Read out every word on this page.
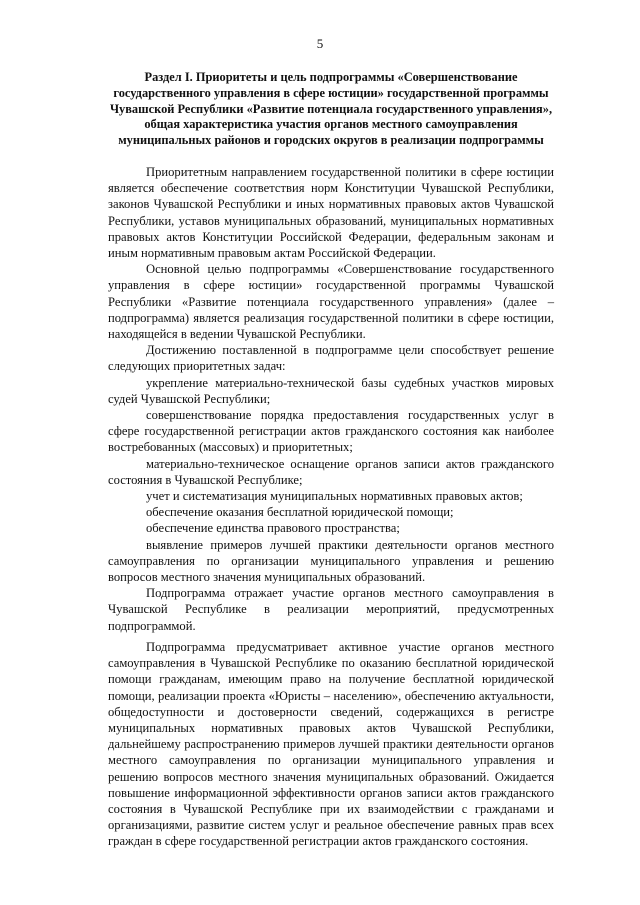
5
Раздел I. Приоритеты и цель подпрограммы «Совершенствование государственного управления в сфере юстиции» государственной программы Чувашской Республики «Развитие потенциала государственного управления», общая характеристика участия органов местного самоуправления муниципальных районов и городских округов в реализации подпрограммы

Приоритетным направлением государственной политики в сфере юстиции является обеспечение соответствия норм Конституции Чувашской Республики, законов Чувашской Республики и иных нормативных правовых актов Чувашской Республики, уставов муниципальных образований, муниципальных нормативных правовых актов Конституции Российской Федерации, федеральным законам и иным нормативным правовым актам Российской Федерации.

Основной целью подпрограммы «Совершенствование государственного управления в сфере юстиции» государственной программы Чувашской Республики «Развитие потенциала государственного управления» (далее – подпрограмма) является реализация государственной политики в сфере юстиции, находящейся в ведении Чувашской Республики.

Достижению поставленной в подпрограмме цели способствует решение следующих приоритетных задач:

укрепление материально-технической базы судебных участков мировых судей Чувашской Республики;

совершенствование порядка предоставления государственных услуг в сфере государственной регистрации актов гражданского состояния как наиболее востребованных (массовых) и приоритетных;

материально-техническое оснащение органов записи актов гражданского состояния в Чувашской Республике;

учет и систематизация муниципальных нормативных правовых актов;

обеспечение оказания бесплатной юридической помощи;

обеспечение единства правового пространства;

выявление примеров лучшей практики деятельности органов местного самоуправления по организации муниципального управления и решению вопросов местного значения муниципальных образований.

Подпрограмма отражает участие органов местного самоуправления в Чувашской Республике в реализации мероприятий, предусмотренных подпрограммой.

Подпрограмма предусматривает активное участие органов местного самоуправления в Чувашской Республике по оказанию бесплатной юридической помощи гражданам, имеющим право на получение бесплатной юридической помощи, реализации проекта «Юристы – населению», обеспечению актуальности, общедоступности и достоверности сведений, содержащихся в регистре муниципальных нормативных правовых актов Чувашской Республики, дальнейшему распространению примеров лучшей практики деятельности органов местного самоуправления по организации муниципального управления и решению вопросов местного значения муниципальных образований. Ожидается повышение информационной эффективности органов записи актов гражданского состояния в Чувашской Республике при их взаимодействии с гражданами и организациями, развитие систем услуг и реальное обеспечение равных прав всех граждан в сфере государственной регистрации актов гражданского состояния.
